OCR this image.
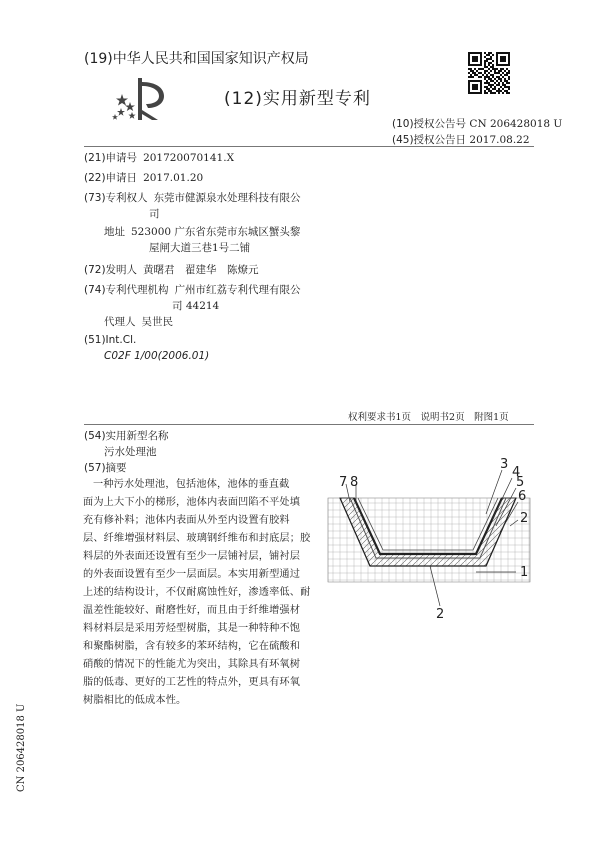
(19)中华人民共和国国家知识产权局
(12)实用新型专利
(10)授权公告号 CN 206428018 U
(45)授权公告日 2017.08.22
(21)申请号 201720070141.X
(22)申请日 2017.01.20
(73)专利权人 东莞市健源泉水处理科技有限公
司
地址 523000 广东省东莞市东城区蟹头黎
屋闸大道三巷1号二铺
(72)发明人 黄曙君　翟建华　陈燎元
(74)专利代理机构 广州市红荔专利代理有限公
司 44214
代理人 吴世民
(51)Int.Cl.
C02F 1/00(2006.01)
权利要求书1页　说明书2页　附图1页
(54)实用新型名称
污水处理池
(57)摘要
一种污水处理池，包括池体，池体的垂直截
面为上大下小的梯形，池体内表面凹陷不平处填
充有修补料；池体内表面从外至内设置有胶料
层、纤维增强材料层、玻璃钢纤维布和封底层；胶
料层的外表面还设置有至少一层铺衬层，铺衬层
的外表面设置有至少一层面层。本实用新型通过
上述的结构设计，不仅耐腐蚀性好，渗透率低、耐
温差性能较好、耐磨性好，而且由于纤维增强材
料材料层是采用芳烃型树脂，其是一种特种不饱
和聚酯树脂，含有较多的苯环结构，它在硫酸和
硝酸的情况下的性能尤为突出，其除具有环氧树
脂的低毒、更好的工艺性的特点外，更具有环氧
树脂相比的低成本性。
CN 206428018 U
3
4
5
6
2
1
2
7 8
